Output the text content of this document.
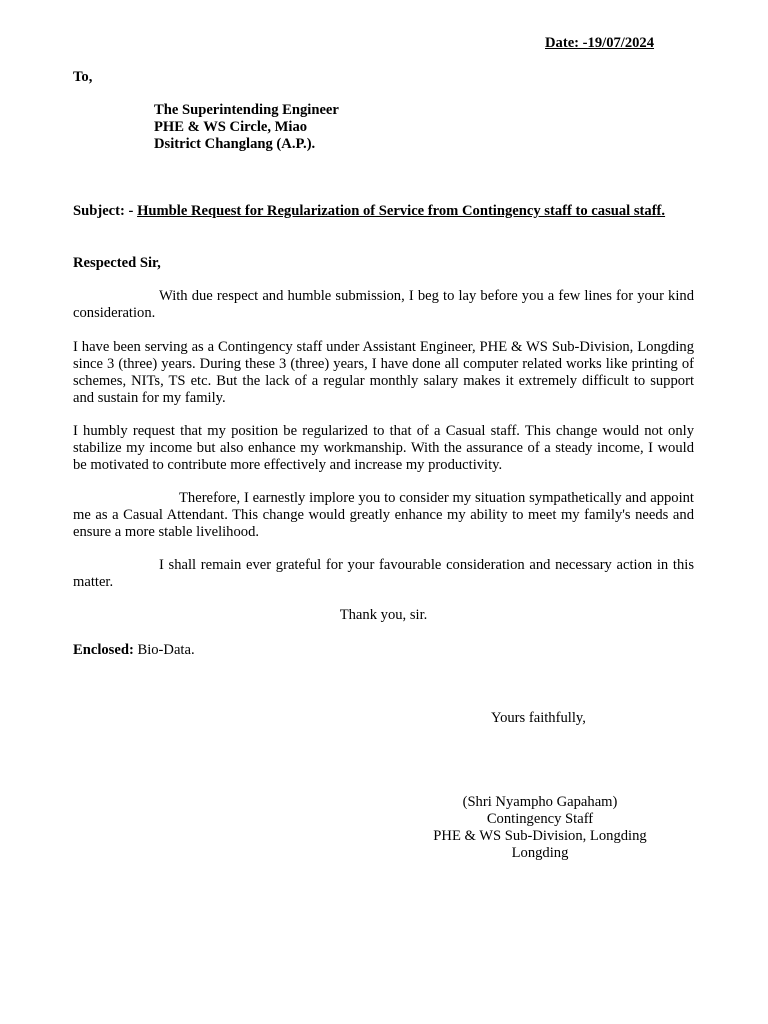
Date: -19/07/2024
To,
The Superintending Engineer
PHE & WS Circle, Miao
Dsitrict Changlang (A.P.).
Subject: - Humble Request for Regularization of Service from Contingency staff to casual staff.
Respected Sir,
With due respect and humble submission, I beg to lay before you a few lines for your kind consideration.
I have been serving as a Contingency staff under Assistant Engineer, PHE & WS Sub-Division, Longding since 3 (three) years. During these 3 (three) years, I have done all computer related works like printing of schemes, NITs, TS etc. But the lack of a regular monthly salary makes it extremely difficult to support and sustain for my family.
I humbly request that my position be regularized to that of a Casual staff. This change would not only stabilize my income but also enhance my workmanship. With the assurance of a steady income, I would be motivated to contribute more effectively and increase my productivity.
Therefore, I earnestly implore you to consider my situation sympathetically and appoint me as a Casual Attendant. This change would greatly enhance my ability to meet my family's needs and ensure a more stable livelihood.
I shall remain ever grateful for your favourable consideration and necessary action in this matter.
Thank you, sir.
Enclosed: Bio-Data.
Yours faithfully,
(Shri Nyampho Gapaham)
Contingency Staff
PHE & WS Sub-Division, Longding
Longding
